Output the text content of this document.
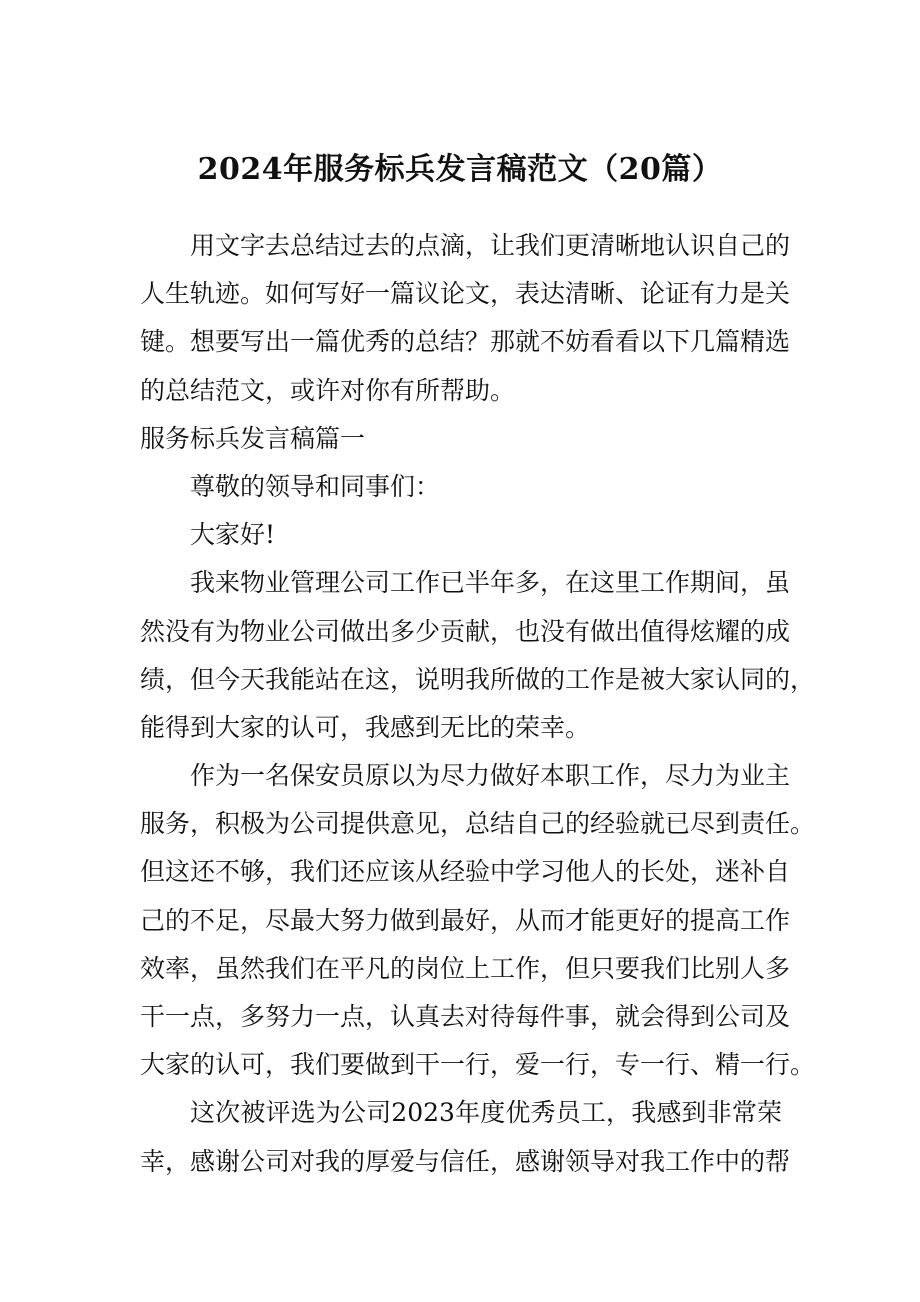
2024年服务标兵发言稿范文（20篇）
用文字去总结过去的点滴，让我们更清晰地认识自己的
人生轨迹。如何写好一篇议论文，表达清晰、论证有力是关
键。想要写出一篇优秀的总结？那就不妨看看以下几篇精选
的总结范文，或许对你有所帮助。
服务标兵发言稿篇一
尊敬的领导和同事们：
大家好!
我来物业管理公司工作已半年多，在这里工作期间，虽
然没有为物业公司做出多少贡献，也没有做出值得炫耀的成
绩，但今天我能站在这，说明我所做的工作是被大家认同的，
能得到大家的认可，我感到无比的荣幸。
作为一名保安员原以为尽力做好本职工作，尽力为业主
服务，积极为公司提供意见，总结自己的经验就已尽到责任。
但这还不够，我们还应该从经验中学习他人的长处，迷补自
己的不足，尽最大努力做到最好，从而才能更好的提高工作
效率，虽然我们在平凡的岗位上工作，但只要我们比别人多
干一点，多努力一点，认真去对待每件事，就会得到公司及
大家的认可，我们要做到干一行，爱一行，专一行、精一行。
这次被评选为公司2023年度优秀员工，我感到非常荣
幸，感谢公司对我的厚爱与信任，感谢领导对我工作中的帮
